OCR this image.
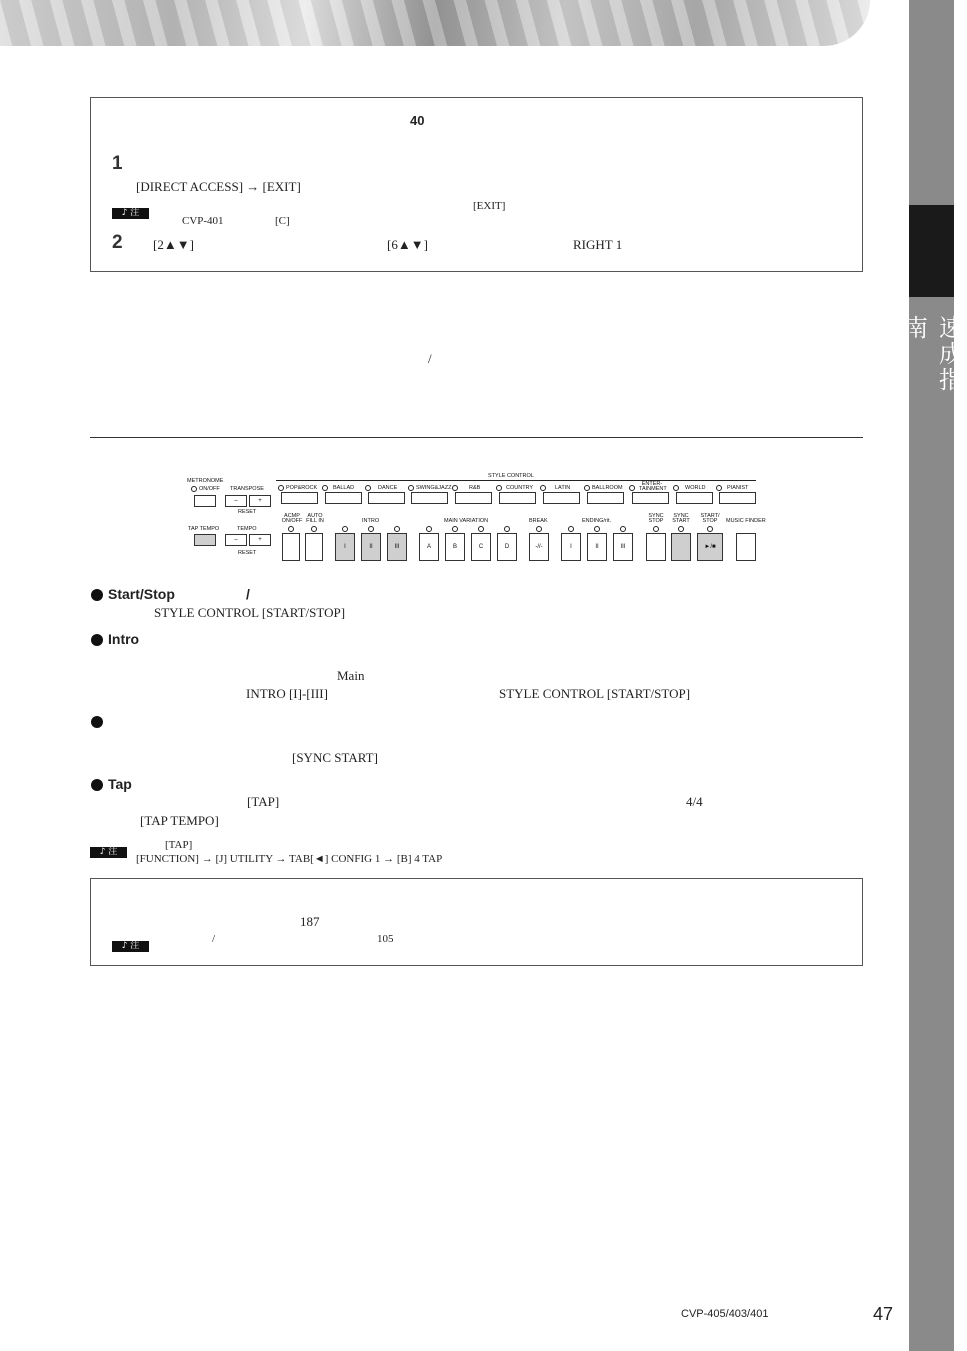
速成指南
40
1
[DIRECT ACCESS] → [EXIT]
♪ 注
[EXIT]
CVP-401	[C]
2 [2▲▼]	[6▲▼]	RIGHT 1
/
METRONOME
ON/OFF TRANSPOSE
–	+
RESET
TAP TEMPO	TEMPO
–	+
RESET
STYLE CONTROL
POP&ROCK	BALLAD	DANCE	SWING&JAZZ	R&B	COUNTRY	LATIN	BALLROOM
ENTER-TAINMENT	WORLD	PIANIST
ACMP ON/OFF
AUTO FILL IN	INTRO
I	II	III
MAIN VARIATION
A	B	C	D
BREAK
-//-
ENDING/rit.
I	II	III
SYNC STOP
SYNC START
START/ STOP
►/■
MUSIC FINDER
Start/Stop	/
STYLE CONTROL [START/STOP]
Intro
Main
INTRO [I]-[III]	STYLE CONTROL [START/STOP]
[SYNC START]
Tap
[TAP]	4/4
[TAP TEMPO]
♪ 注
[TAP]
[FUNCTION] → [J] UTILITY → TAB[◄] CONFIG 1 → [B] 4 TAP
187
♪ 注
/	105
CVP-405/403/401	47
